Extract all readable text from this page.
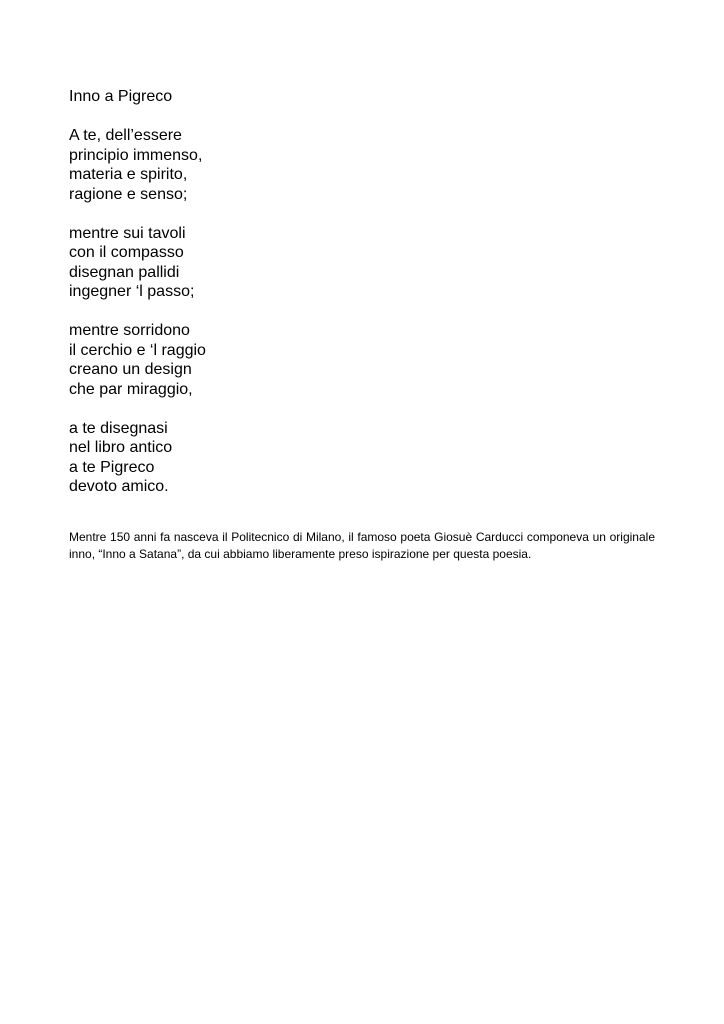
Inno a Pigreco
A te, dell’essere
principio immenso,
materia e spirito,
ragione e senso;
mentre sui tavoli
con il compasso
disegnan pallidi
ingegner ‘l passo;
mentre sorridono
il cerchio e ‘l raggio
creano un design
che par miraggio,
a te disegnasi
nel libro antico
a te Pigreco
devoto amico.

Mentre 150 anni fa nasceva il Politecnico di Milano, il famoso poeta Giosuè Carducci componeva un originale inno, “Inno a Satana”, da cui abbiamo liberamente preso ispirazione per questa poesia.
